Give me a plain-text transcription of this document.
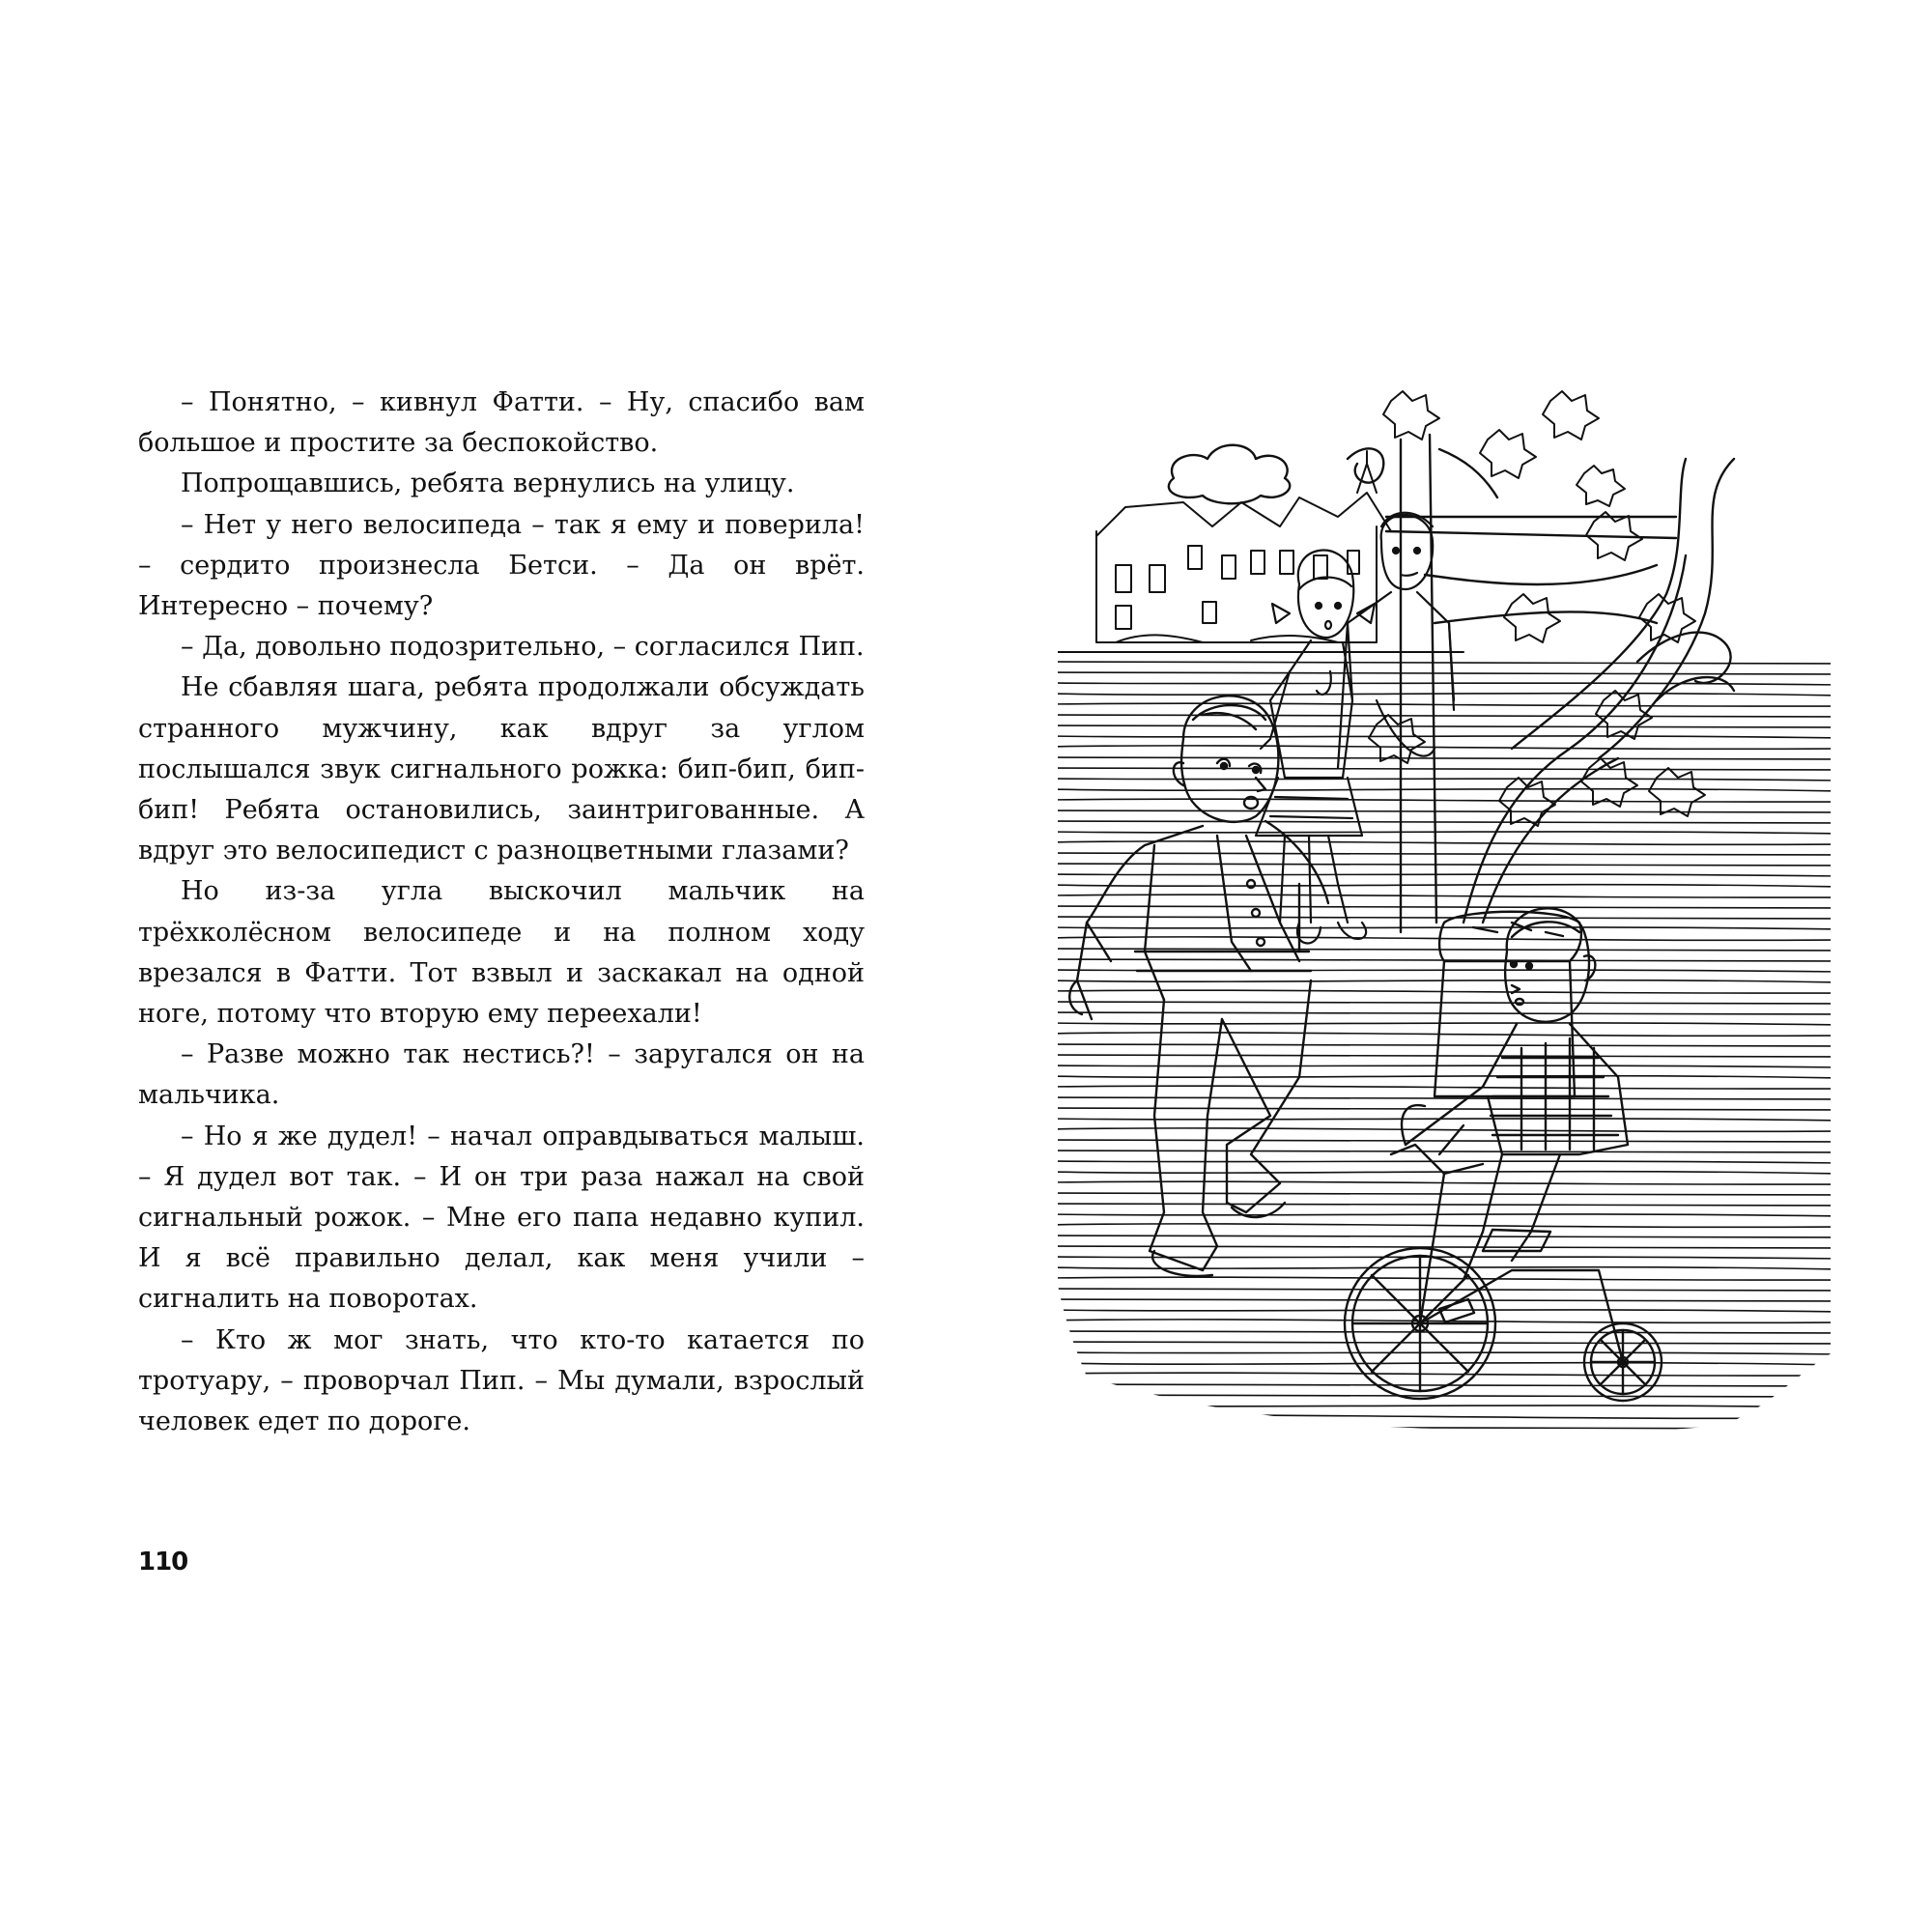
– Понятно, – кивнул Фатти. – Ну, спасибо вам большое и простите за беспокойство.

Попрощавшись, ребята вернулись на улицу.

– Нет у него велосипеда – так я ему и поверила! – сердито произнесла Бетси. – Да он врёт. Интересно – почему?

– Да, довольно подозрительно, – согласился Пип.

Не сбавляя шага, ребята продолжали обсуждать странного мужчину, как вдруг за углом послышался звук сигнального рожка: бип-бип, бип-бип! Ребята остановились, заинтригованные. А вдруг это велосипедист с разноцветными глазами?

Но из-за угла выскочил мальчик на трёхколёсном велосипеде и на полном ходу врезался в Фатти. Тот взвыл и заскакал на одной ноге, потому что вторую ему переехали!

– Разве можно так нестись?! – заругался он на мальчика.

– Но я же дудел! – начал оправдываться малыш. – Я дудел вот так. – И он три раза нажал на свой сигнальный рожок. – Мне его папа недавно купил. И я всё правильно делал, как меня учили – сигналить на поворотах.

– Кто ж мог знать, что кто-то катается по тротуару, – проворчал Пип. – Мы думали, взрослый человек едет по дороге.

110
